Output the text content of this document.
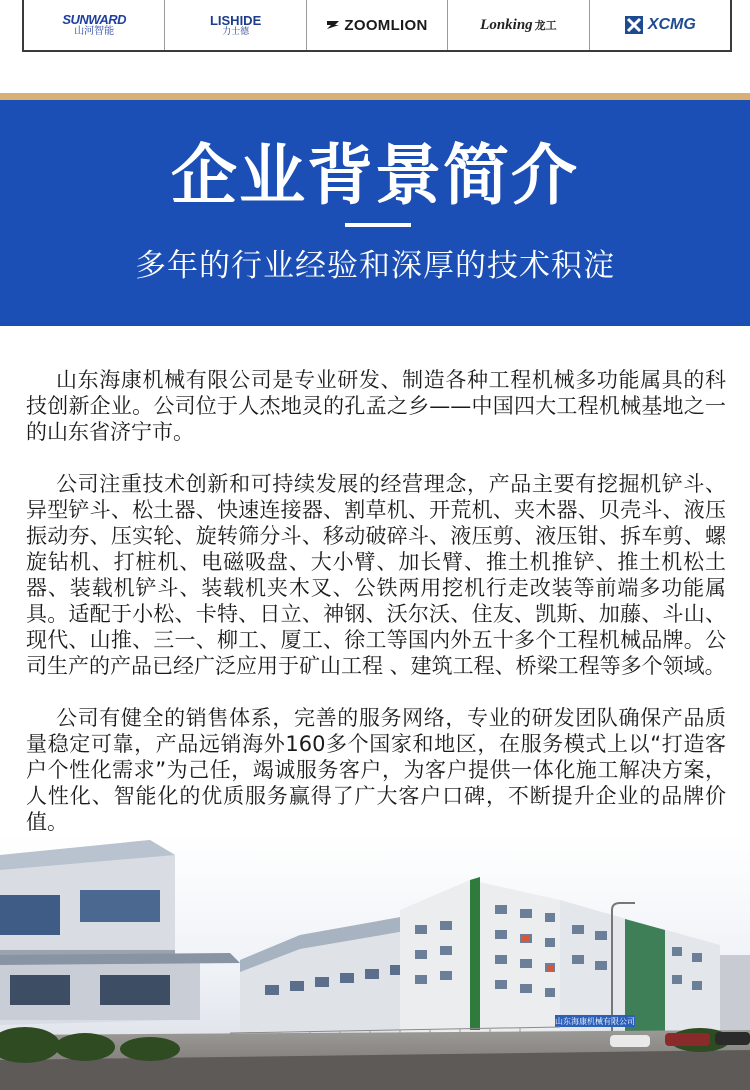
SUNWARD
山河智能
LISHIDE
力士德	ZOOMLION	Lonking 龙工	XCMG
企业背景简介
多年的行业经验和深厚的技术积淀

山东海康机械有限公司是专业研发、制造各种工程机械多功能属具的科技创新企业。公司位于人杰地灵的孔孟之乡——中国四大工程机械基地之一的山东省济宁市。

公司注重技术创新和可持续发展的经营理念，产品主要有挖掘机铲斗、异型铲斗、松土器、快速连接器、割草机、开荒机、夹木器、贝壳斗、液压振动夯、压实轮、旋转筛分斗、移动破碎斗、液压剪、液压钳、拆车剪、螺旋钻机、打桩机、电磁吸盘、大小臂、加长臂、推土机推铲、推土机松土器、装载机铲斗、装载机夹木叉、公铁两用挖机行走改装等前端多功能属具。适配于小松、卡特、日立、神钢、沃尔沃、住友、凯斯、加藤、斗山、现代、山推、三一、柳工、厦工、徐工等国内外五十多个工程机械品牌。公司生产的产品已经广泛应用于矿山工程 、建筑工程、桥梁工程等多个领域。

公司有健全的销售体系，完善的服务网络，专业的研发团队确保产品质量稳定可靠，产品远销海外160多个国家和地区，在服务模式上以“打造客户个性化需求”为己任，竭诚服务客户，为客户提供一体化施工解决方案，人性化、智能化的优质服务赢得了广大客户口碑，不断提升企业的品牌价值。

山东海康机械有限公司
